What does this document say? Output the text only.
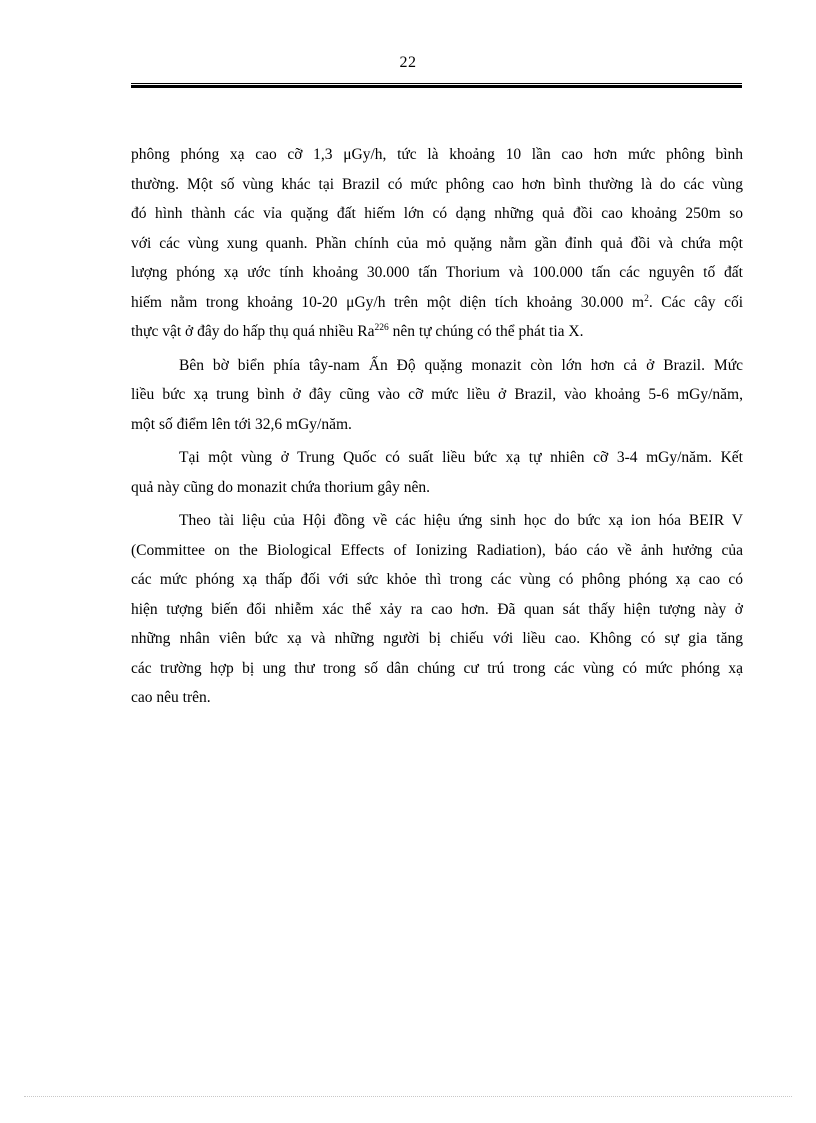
22
phông phóng xạ cao cỡ 1,3 μGy/h, tức là khoảng 10 lần cao hơn mức phông bình
thường. Một số vùng khác tại Brazil có mức phông cao hơn bình thường là do các vùng
đó hình thành các vỉa quặng đất hiếm lớn có dạng những quả đồi cao khoảng 250m so
với các vùng xung quanh. Phần chính của mỏ quặng nằm gần đỉnh quả đồi và chứa một
lượng phóng xạ ước tính khoảng 30.000 tấn Thorium và 100.000 tấn các nguyên tố đất
hiếm nằm trong khoảng 10-20 μGy/h trên một diện tích khoảng 30.000 $m^2$. Các cây cối
thực vật ở đây do hấp thụ quá nhiều Ra$^{226}$ nên tự chúng có thể phát tia X.
Bên bờ biển phía tây-nam Ấn Độ quặng monazit còn lớn hơn cả ở Brazil. Mức
liều bức xạ trung bình ở đây cũng vào cỡ mức liều ở Brazil, vào khoảng 5-6 mGy/năm,
một số điểm lên tới 32,6 mGy/năm.
Tại một vùng ở Trung Quốc có suất liều bức xạ tự nhiên cỡ 3-4 mGy/năm. Kết
quả này cũng do monazit chứa thorium gây nên.
Theo tài liệu của Hội đồng về các hiệu ứng sinh học do bức xạ ion hóa BEIR V
(Committee on the Biological Effects of Ionizing Radiation), báo cáo về ảnh hưởng của
các mức phóng xạ thấp đối với sức khỏe thì trong các vùng có phông phóng xạ cao có
hiện tượng biến đổi nhiễm xác thể xảy ra cao hơn. Đã quan sát thấy hiện tượng này ở
những nhân viên bức xạ và những người bị chiếu với liều cao. Không có sự gia tăng
các trường hợp bị ung thư trong số dân chúng cư trú trong các vùng có mức phóng xạ
cao nêu trên.
